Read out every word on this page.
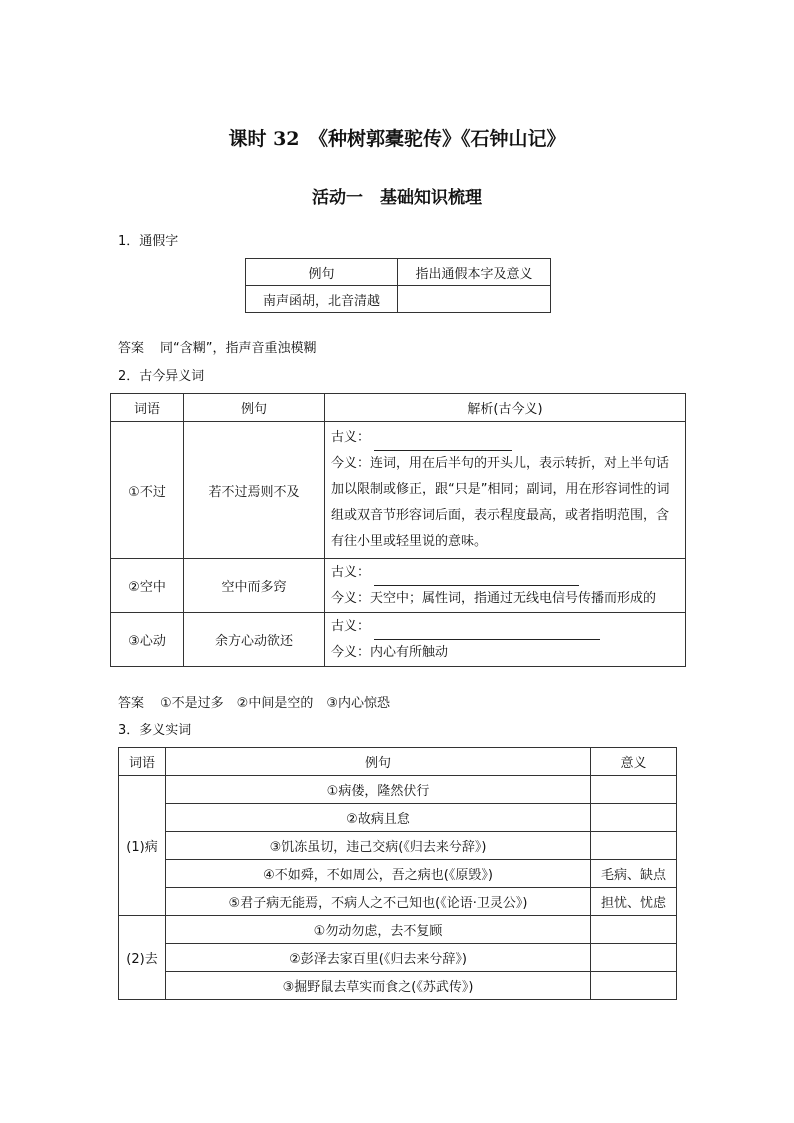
课时 32　《种树郭橐驼传》《石钟山记》
活动一　基础知识梳理
1．通假字
例句	指出通假本字及意义
南声函胡，北音清越	
答案 同“含糊”，指声音重浊模糊
2．古今异义词
词语	例句	解析(古今义)
①不过	若不过焉则不及	古义：

今义：连词，用在后半句的开头儿，表示转折，对上半句话加以限制或修正，跟“只是”相同；副词，用在形容词性的词组或双音节形容词后面，表示程度最高，或者指明范围，含有往小里或轻里说的意味。

②空中	空中而多窍	古义：

今义：天空中；属性词，指通过无线电信号传播而形成的

③心动	余方心动欲还	古义：

今义：内心有所触动

答案 ①不是过多　②中间是空的　③内心惊恐
3．多义实词
词语	例句	意义
(1)病	①病偻，隆然伏行	
	②故病且怠	
	③饥冻虽切，违己交病(《归去来兮辞》)	
	④不如舜，不如周公，吾之病也(《原毁》)	毛病、缺点
	⑤君子病无能焉，不病人之不己知也(《论语·卫灵公》)	担忧、忧虑
(2)去	①勿动勿虑，去不复顾	
	②彭泽去家百里(《归去来兮辞》)	
	③掘野鼠去草实而食之(《苏武传》)	
